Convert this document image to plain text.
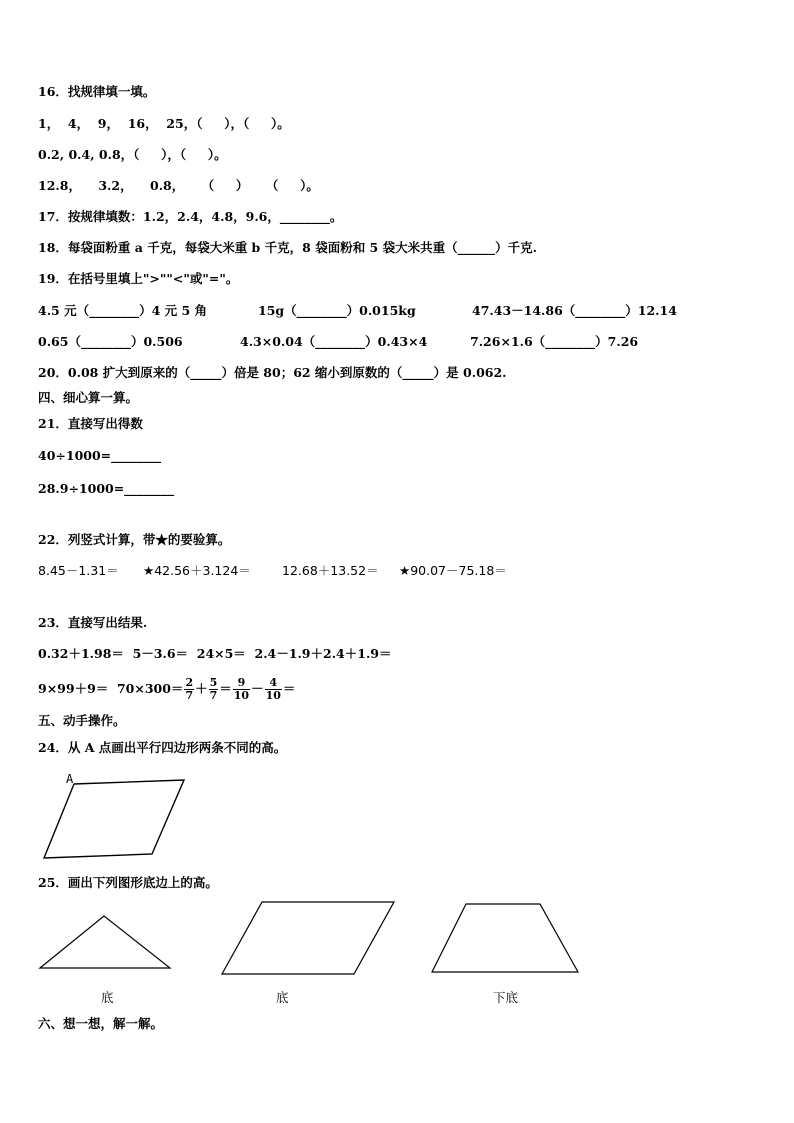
16．找规律填一填。
1，  4，  9，  16，  25，（     ），（     ）。
0.2, 0.4, 0.8，（     ），（     ）。
12.8，    3.2，    0.8，    （     ）    （     ）。
17．按规律填数：1.2，2.4，4.8，9.6，________。
18．每袋面粉重 a 千克，每袋大米重 b 千克，8 袋面粉和 5 袋大米共重（______）千克.
19．在括号里填上">""<"或"="。
4.5 元（________）4 元 5 角	15g（________）0.015kg	47.43－14.86（________）12.14
0.65（________）0.506	4.3×0.04（________）0.43×4	7.26×1.6（________）7.26
20．0.08 扩大到原来的（_____）倍是 80；62 缩小到原数的（_____）是 0.062.
四、细心算一算。
21．直接写出得数
40÷1000=________
28.9÷1000=________
22．列竖式计算，带★的要验算。
8.45－1.31＝ ★42.56＋3.124＝ 12.68＋13.52＝ ★90.07－75.18＝
23．直接写出结果.
0.32＋1.98＝  5－3.6＝  24×5＝  2.4－1.9＋2.4＋1.9＝
$9\times 99+9= 70\times 300= \frac{2}{7} + \frac{5}{7} = \frac{9}{10} - \frac{4}{10}$ ＝
五、动手操作。
24．从 A 点画出平行四边形两条不同的高。
A
25．画出下列图形底边上的高。
底	底	下底
六、想一想，解一解。
